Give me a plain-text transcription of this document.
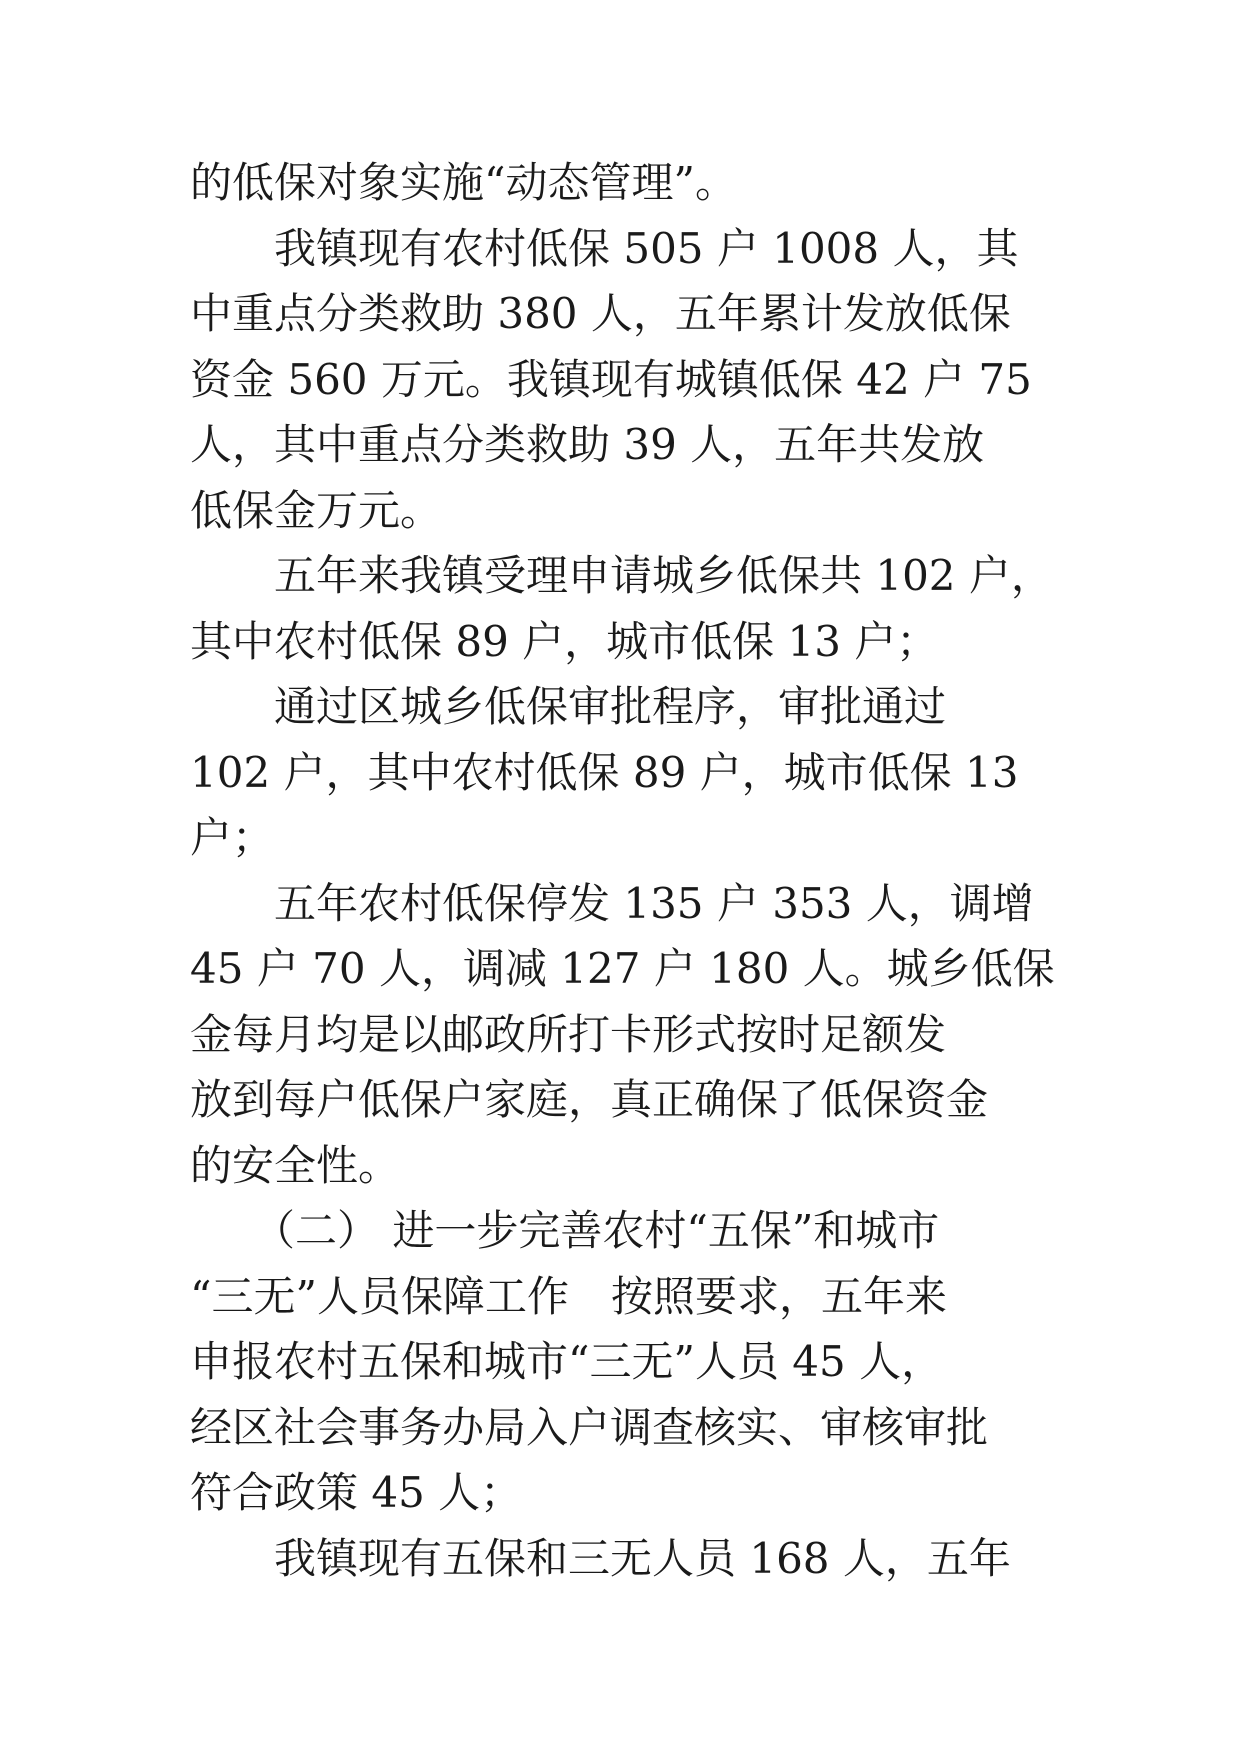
的低保对象实施“动态管理”。
　　我镇现有农村低保 505 户 1008 人，其
中重点分类救助 380 人，五年累计发放低保
资金 560 万元。我镇现有城镇低保 42 户 75
人，其中重点分类救助 39 人，五年共发放
低保金万元。
　　五年来我镇受理申请城乡低保共 102 户，
其中农村低保 89 户，城市低保 13 户；
　　通过区城乡低保审批程序，审批通过
102 户，其中农村低保 89 户，城市低保 13
户；
　　五年农村低保停发 135 户 353 人，调增
45 户 70 人，调减 127 户 180 人。城乡低保
金每月均是以邮政所打卡形式按时足额发
放到每户低保户家庭，真正确保了低保资金
的安全性。
　　（二） 进一步完善农村“五保”和城市
“三无”人员保障工作　按照要求，五年来
申报农村五保和城市“三无”人员 45 人，
经区社会事务办局入户调查核实、审核审批
符合政策 45 人；
　　我镇现有五保和三无人员 168 人，五年
